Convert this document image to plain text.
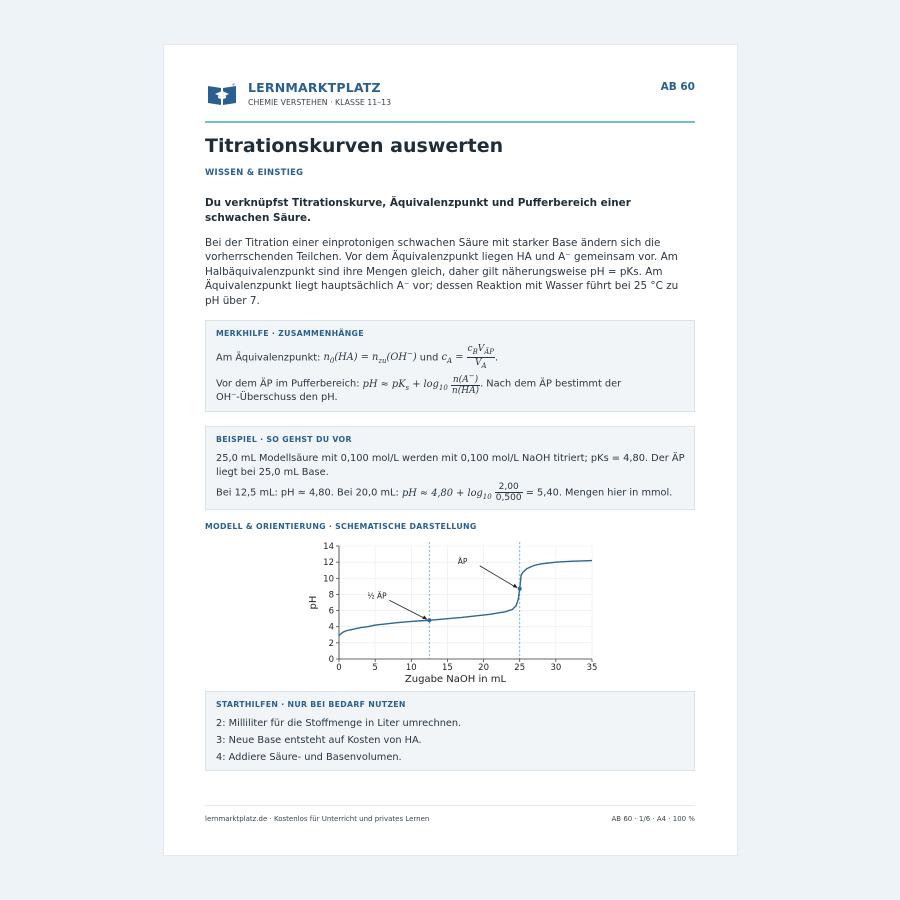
LERNMARKTPLATZ
CHEMIE VERSTEHEN · KLASSE 11–13
AB 60
Titrationskurven auswerten
WISSEN & EINSTIEG
Du verknüpfst Titrationskurve, Äquivalenzpunkt und Pufferbereich einer schwachen Säure.
Bei der Titration einer einprotonigen schwachen Säure mit starker Base ändern sich die vorherrschenden Teilchen. Vor dem Äquivalenzpunkt liegen HA und A⁻ gemeinsam vor. Am Halbäquivalenzpunkt sind ihre Mengen gleich, daher gilt näherungsweise pH = pKs. Am Äquivalenzpunkt liegt hauptsächlich A⁻ vor; dessen Reaktion mit Wasser führt bei 25 °C zu pH über 7.
MERKHILFE · ZUSAMMENHÄNGE
Am Äquivalenzpunkt: $n_0(HA) = n_{zu}(OH^-)$ und $c_A = \frac{c_BV_{ÄP}}{V_A}$ .
Vor dem ÄP im Pufferbereich: pH ≈ $pK_s + \log_{10} \frac{n(A^-)}{n(HA)}$ . Nach dem ÄP bestimmt der
OH⁻-Überschuss den pH.
BEISPIEL · SO GEHST DU VOR
25,0 mL Modellsäure mit 0,100 mol/L werden mit 0,100 mol/L NaOH titriert; pKs = 4,80. Der ÄP liegt bei 25,0 mL Base.
Bei 12,5 mL: pH ≈ 4,80. Bei 20,0 mL: pH ≈ $4,80 + \log_{10} \frac{2,00}{0,500} = 5,40$. Mengen hier in mmol.
MODELL & ORIENTIERUNG · SCHEMATISCHE DARSTELLUNG
0	5	10	15	20	25	30	35
0
2
4
6
8
10
12
14
Zugabe NaOH in mL
pH	½ ÄP
ÄP
STARTHILFEN · NUR BEI BEDARF NUTZEN
2: Milliliter für die Stoffmenge in Liter umrechnen.
3: Neue Base entsteht auf Kosten von HA.
4: Addiere Säure- und Basenvolumen.
lernmarktplatz.de · Kostenlos für Unterricht und privates Lernen	AB 60 · 1/6 · A4 · 100 %
